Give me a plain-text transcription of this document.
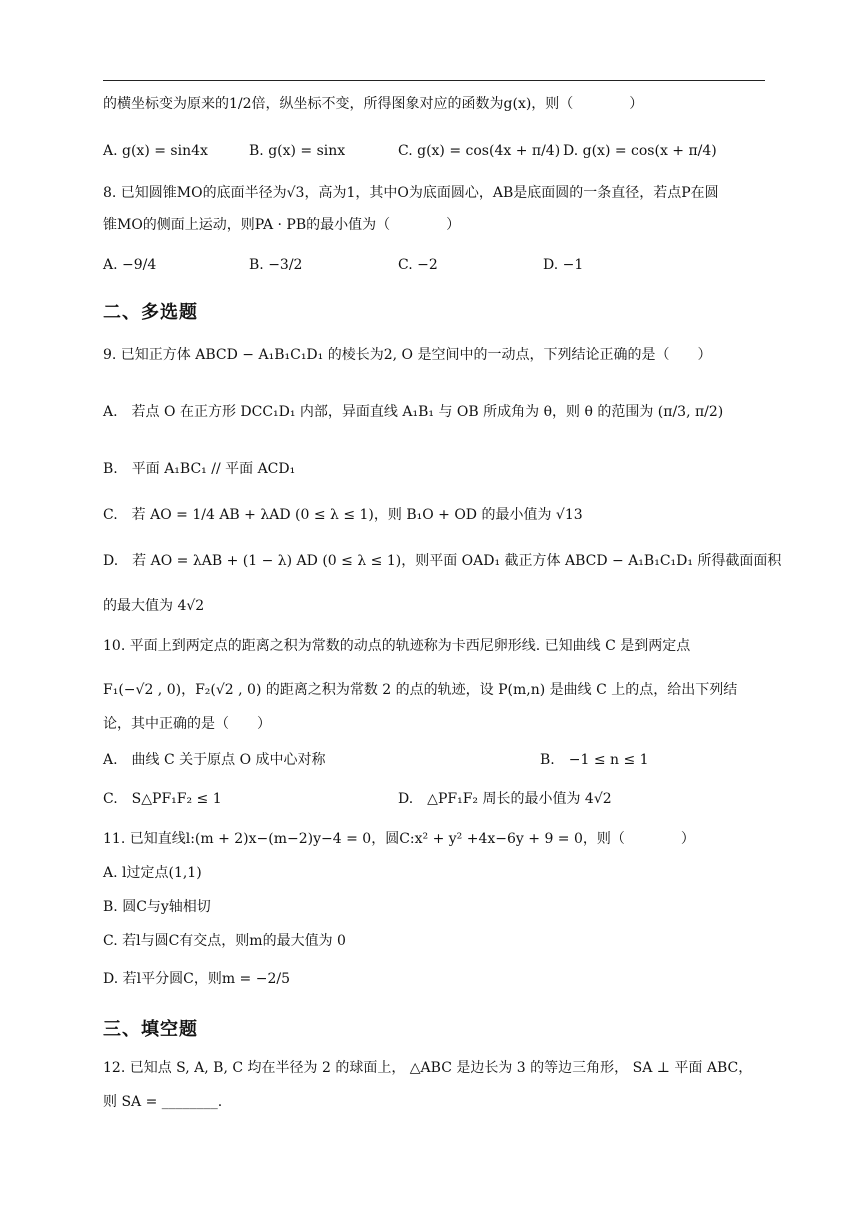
的横坐标变为原来的1/2倍，纵坐标不变，所得图象对应的函数为g(x)，则（　　　　）
A. g(x) = sin4x	B. g(x) = sinx	C. g(x) = cos(4x + π/4) D. g(x) = cos(x + π/4)
8. 已知圆锥MO的底面半径为√3，高为1，其中O为底面圆心，AB是底面圆的一条直径，若点P在圆
锥MO的侧面上运动，则PA · PB的最小值为（　　　　）
A. −9/4	B. −3/2	C. −2	D. −1
二、多选题
9. 已知正方体 ABCD − A₁B₁C₁D₁ 的棱长为2, O 是空间中的一动点，下列结论正确的是（　　）
A.　若点 O 在正方形 DCC₁D₁ 内部，异面直线 A₁B₁ 与 OB 所成角为 θ，则 θ 的范围为 (π/3, π/2)
B.　平面 A₁BC₁ // 平面 ACD₁
C.　若 AO = 1/4 AB + λAD (0 ≤ λ ≤ 1)，则 B₁O + OD 的最小值为 √13
D.　若 AO = λAB + (1 − λ) AD (0 ≤ λ ≤ 1)，则平面 OAD₁ 截正方体 ABCD − A₁B₁C₁D₁ 所得截面面积
的最大值为 4√2
10. 平面上到两定点的距离之积为常数的动点的轨迹称为卡西尼卵形线. 已知曲线 C 是到两定点
F₁(−√2 , 0)，F₂(√2 , 0) 的距离之积为常数 2 的点的轨迹，设 P(m,n) 是曲线 C 上的点，给出下列结
论，其中正确的是（　　）
A.　曲线 C 关于原点 O 成中心对称	B.　−1 ≤ n ≤ 1
C.　S△PF₁F₂ ≤ 1	D.　△PF₁F₂ 周长的最小值为 4√2
11. 已知直线l:(m + 2)x−(m−2)y−4 = 0，圆C:x² + y² +4x−6y + 9 = 0，则（　　　　）
A. l过定点(1,1)
B. 圆C与y轴相切
C. 若l与圆C有交点，则m的最大值为 0
D. 若l平分圆C，则m = −2/5
三、填空题
12. 已知点 S, A, B, C 均在半径为 2 的球面上， △ABC 是边长为 3 的等边三角形， SA ⊥ 平面 ABC，
则 SA = ________.
